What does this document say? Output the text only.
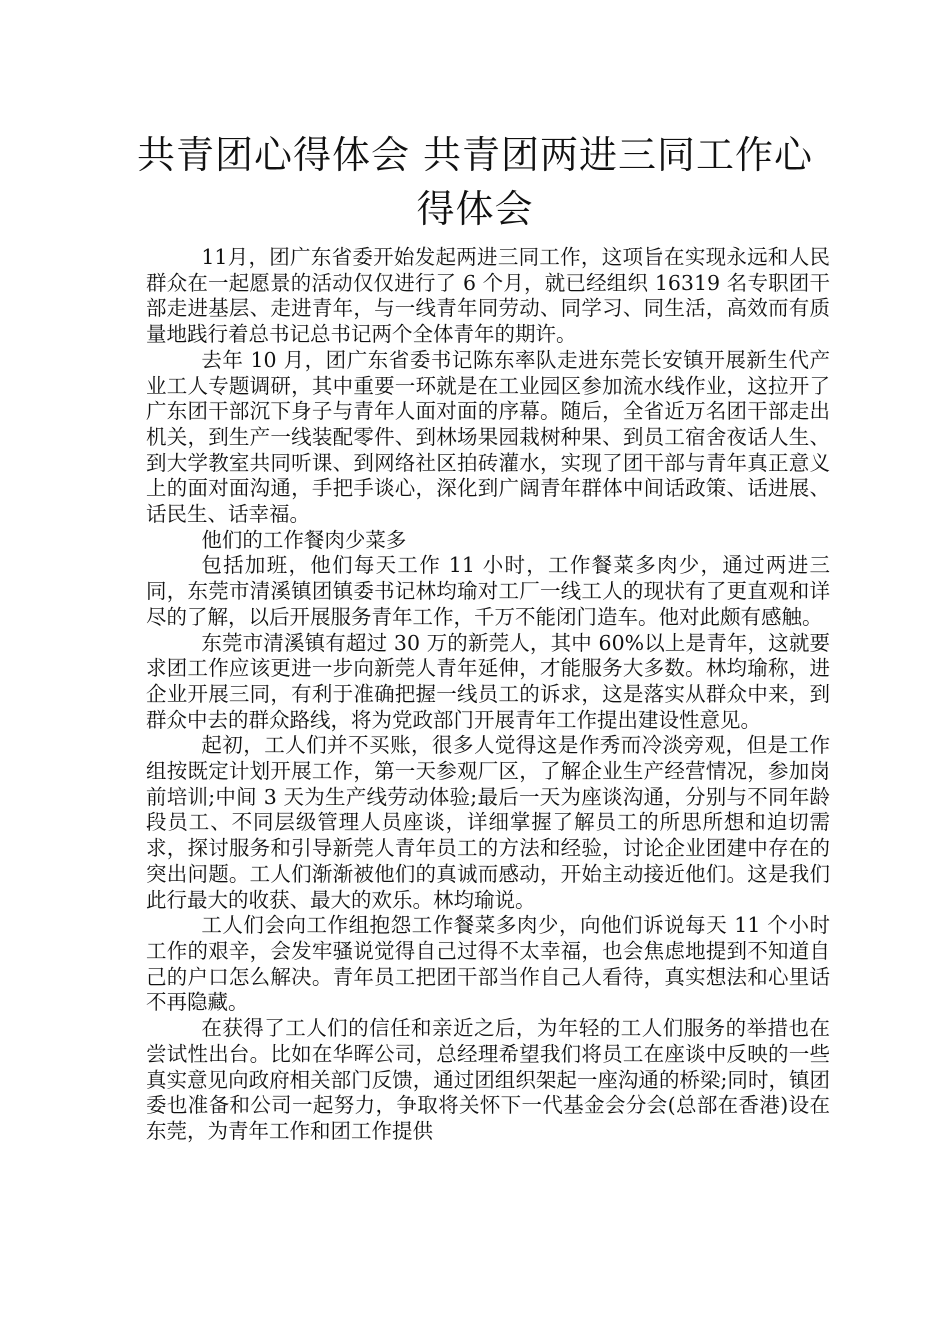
共青团心得体会 共青团两进三同工作心得体会

11月，团广东省委开始发起两进三同工作，这项旨在实现永远和人民群众在一起愿景的活动仅仅进行了 6 个月，就已经组织 16319 名专职团干部走进基层、走进青年，与一线青年同劳动、同学习、同生活，高效而有质量地践行着总书记总书记两个全体青年的期许。

去年 10 月，团广东省委书记陈东率队走进东莞长安镇开展新生代产业工人专题调研，其中重要一环就是在工业园区参加流水线作业，这拉开了广东团干部沉下身子与青年人面对面的序幕。随后，全省近万名团干部走出机关，到生产一线装配零件、到林场果园栽树种果、到员工宿舍夜话人生、到大学教室共同听课、到网络社区拍砖灌水，实现了团干部与青年真正意义上的面对面沟通，手把手谈心，深化到广阔青年群体中间话政策、话进展、话民生、话幸福。

他们的工作餐肉少菜多

包括加班，他们每天工作 11 小时，工作餐菜多肉少，通过两进三同，东莞市清溪镇团镇委书记林均瑜对工厂一线工人的现状有了更直观和详尽的了解，以后开展服务青年工作，千万不能闭门造车。他对此颇有感触。

东莞市清溪镇有超过 30 万的新莞人，其中 60%以上是青年，这就要求团工作应该更进一步向新莞人青年延伸，才能服务大多数。林均瑜称，进企业开展三同，有利于准确把握一线员工的诉求，这是落实从群众中来，到群众中去的群众路线，将为党政部门开展青年工作提出建设性意见。

起初，工人们并不买账，很多人觉得这是作秀而冷淡旁观，但是工作组按既定计划开展工作，第一天参观厂区，了解企业生产经营情况，参加岗前培训;中间 3 天为生产线劳动体验;最后一天为座谈沟通，分别与不同年龄段员工、不同层级管理人员座谈，详细掌握了解员工的所思所想和迫切需求，探讨服务和引导新莞人青年员工的方法和经验，讨论企业团建中存在的突出问题。工人们渐渐被他们的真诚而感动，开始主动接近他们。这是我们此行最大的收获、最大的欢乐。林均瑜说。

工人们会向工作组抱怨工作餐菜多肉少，向他们诉说每天 11 个小时工作的艰辛，会发牢骚说觉得自己过得不太幸福，也会焦虑地提到不知道自己的户口怎么解决。青年员工把团干部当作自己人看待，真实想法和心里话不再隐藏。

在获得了工人们的信任和亲近之后，为年轻的工人们服务的举措也在尝试性出台。比如在华晖公司，总经理希望我们将员工在座谈中反映的一些真实意见向政府相关部门反馈，通过团组织架起一座沟通的桥梁;同时，镇团委也准备和公司一起努力，争取将关怀下一代基金会分会(总部在香港)设在东莞，为青年工作和团工作提供
